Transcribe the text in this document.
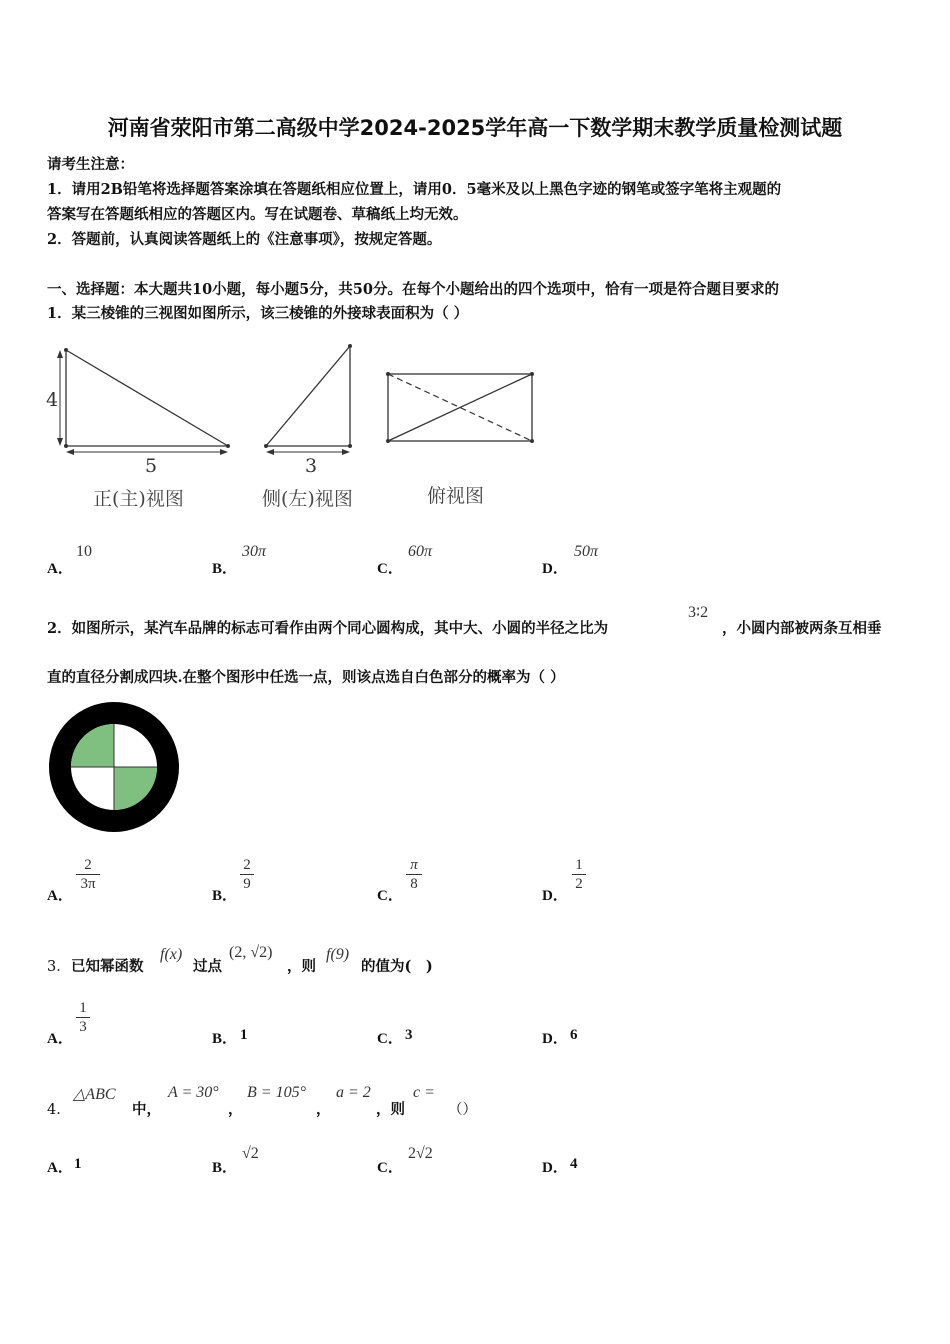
河南省荥阳市第二高级中学2024-2025学年高一下数学期末教学质量检测试题
请考生注意：
1．请用2B铅笔将选择题答案涂填在答题纸相应位置上，请用0．5毫米及以上黑色字迹的钢笔或签字笔将主观题的
答案写在答题纸相应的答题区内。写在试题卷、草稿纸上均无效。
2．答题前，认真阅读答题纸上的《注意事项》，按规定答题。
一、选择题：本大题共10小题，每小题5分，共50分。在每个小题给出的四个选项中，恰有一项是符合题目要求的
1．某三棱锥的三视图如图所示，该三棱锥的外接球表面积为（ ）
4
5
正(主)视图
3
侧(左)视图	俯视图
A．
10
B．
30π
C．
60π
D．
50π
2．如图所示，某汽车品牌的标志可看作由两个同心圆构成，其中大、小圆的半径之比为
3∶2
，小圆内部被两条互相垂
直的直径分割成四块.在整个图形中任选一点，则该点选自白色部分的概率为（ ）
A．
2
3π
B．
2
9
C．
π
8
D．
1
2
3． 已知幂函数
f(x)
过点
(2, √2)
，则
f(9)
的值为(　)
A．
1
3
B． 1	C． 3	D． 6
4．
△ABC
中，
A = 30°
，
B = 105°
，
a = 2
，则
c =
（）
A． 1	B．
√2
C．
2√2
D． 4
